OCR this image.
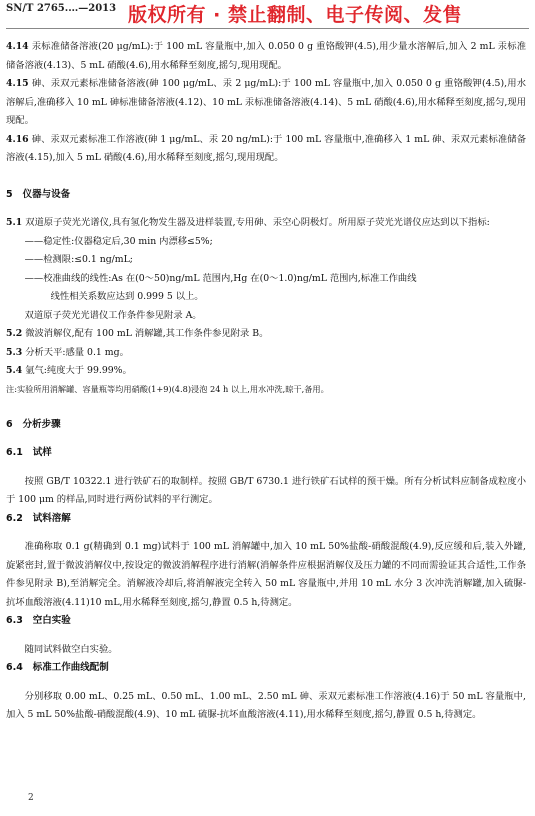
SN/T 2765.…—2013 版权所有 · 禁止翻制、电子传阅、发售

4.14 汞标准储备溶液(20 μg/mL):于 100 mL 容量瓶中,加入 0.050 0 g 重铬酸钾(4.5),用少量水溶解后,加入 2 mL 汞标准储备溶液(4.13)、5 mL 硝酸(4.6),用水稀释至刻度,摇匀,现用现配。

4.15 砷、汞双元素标准储备溶液(砷 100 μg/mL、汞 2 μg/mL):于 100 mL 容量瓶中,加入 0.050 0 g 重铬酸钾(4.5),用水溶解后,准确移入 10 mL 砷标准储备溶液(4.12)、10 mL 汞标准储备溶液(4.14)、5 mL 硝酸(4.6),用水稀释至刻度,摇匀,现用现配。

4.16 砷、汞双元素标准工作溶液(砷 1 μg/mL、汞 20 ng/mL):于 100 mL 容量瓶中,准确移入 1 mL 砷、汞双元素标准储备溶液(4.15),加入 5 mL 硝酸(4.6),用水稀释至刻度,摇匀,现用现配。

5 仪器与设备

5.1 双道原子荧光光谱仪,具有氢化物发生器及进样装置,专用砷、汞空心阴极灯。所用原子荧光光谱仪应达到以下指标:

——稳定性:仪器稳定后,30 min 内漂移≤5%;

——检测限:≤0.1 ng/mL;

——校准曲线的线性:As 在(0～50)ng/mL 范围内,Hg 在(0～1.0)ng/mL 范围内,标准工作曲线

线性相关系数应达到 0.999 5 以上。

双道原子荧光光谱仪工作条件参见附录 A。

5.2 微波消解仪,配有 100 mL 消解罐,其工作条件参见附录 B。

5.3 分析天平:感量 0.1 mg。

5.4 氩气:纯度大于 99.99%。

注:实验所用消解罐、容量瓶等均用硝酸(1+9)(4.8)浸泡 24 h 以上,用水冲洗,晾干,备用。

6 分析步骤

6.1 试样

按照 GB/T 10322.1 进行铁矿石的取制样。按照 GB/T 6730.1 进行铁矿石试样的预干燥。所有分析试料应制备成粒度小于 100 μm 的样品,同时进行两份试料的平行测定。

6.2 试料溶解

准确称取 0.1 g(精确到 0.1 mg)试料于 100 mL 消解罐中,加入 10 mL 50%盐酸-硝酸混酸(4.9),反应缓和后,装入外罐,旋紧密封,置于微波消解仪中,按设定的微波消解程序进行消解(消解条件应根据消解仪及压力罐的不同而需验证其合适性,工作条件参见附录 B),至消解完全。消解液冷却后,将消解液完全转入 50 mL 容量瓶中,并用 10 mL 水分 3 次冲洗消解罐,加入硫脲-抗坏血酸溶液(4.11)10 mL,用水稀释至刻度,摇匀,静置 0.5 h,待测定。

6.3 空白实验

随同试料做空白实验。

6.4 标准工作曲线配制

分别移取 0.00 mL、0.25 mL、0.50 mL、1.00 mL、2.50 mL 砷、汞双元素标准工作溶液(4.16)于 50 mL 容量瓶中,加入 5 mL 50%盐酸-硝酸混酸(4.9)、10 mL 硫脲-抗坏血酸溶液(4.11),用水稀释至刻度,摇匀,静置 0.5 h,待测定。

2
